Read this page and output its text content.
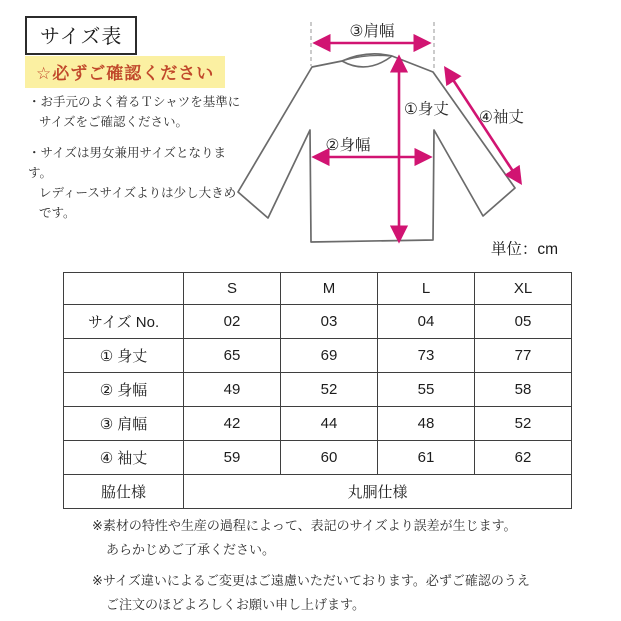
サイズ表
☆必ずご確認ください

・お手元のよく着るＴシャツを基準に
サイズをご確認ください。

・サイズは男女兼用サイズとなります。
レディースサイズよりは少し大きめです。

③肩幅
①身丈
②身幅
④袖丈
単位：cm
	S	M	L	XL
サイズ No.	02	03	04	05
① 身丈	65	69	73	77
② 身幅	49	52	55	58
③ 肩幅	42	44	48	52
④ 袖丈	59	60	61	62
脇仕様	丸胴仕様			

※素材の特性や生産の過程によって、表記のサイズより誤差が生じます。
あらかじめご了承ください。

※サイズ違いによるご変更はご遠慮いただいております。必ずご確認のうえ
ご注文のほどよろしくお願い申し上げます。
